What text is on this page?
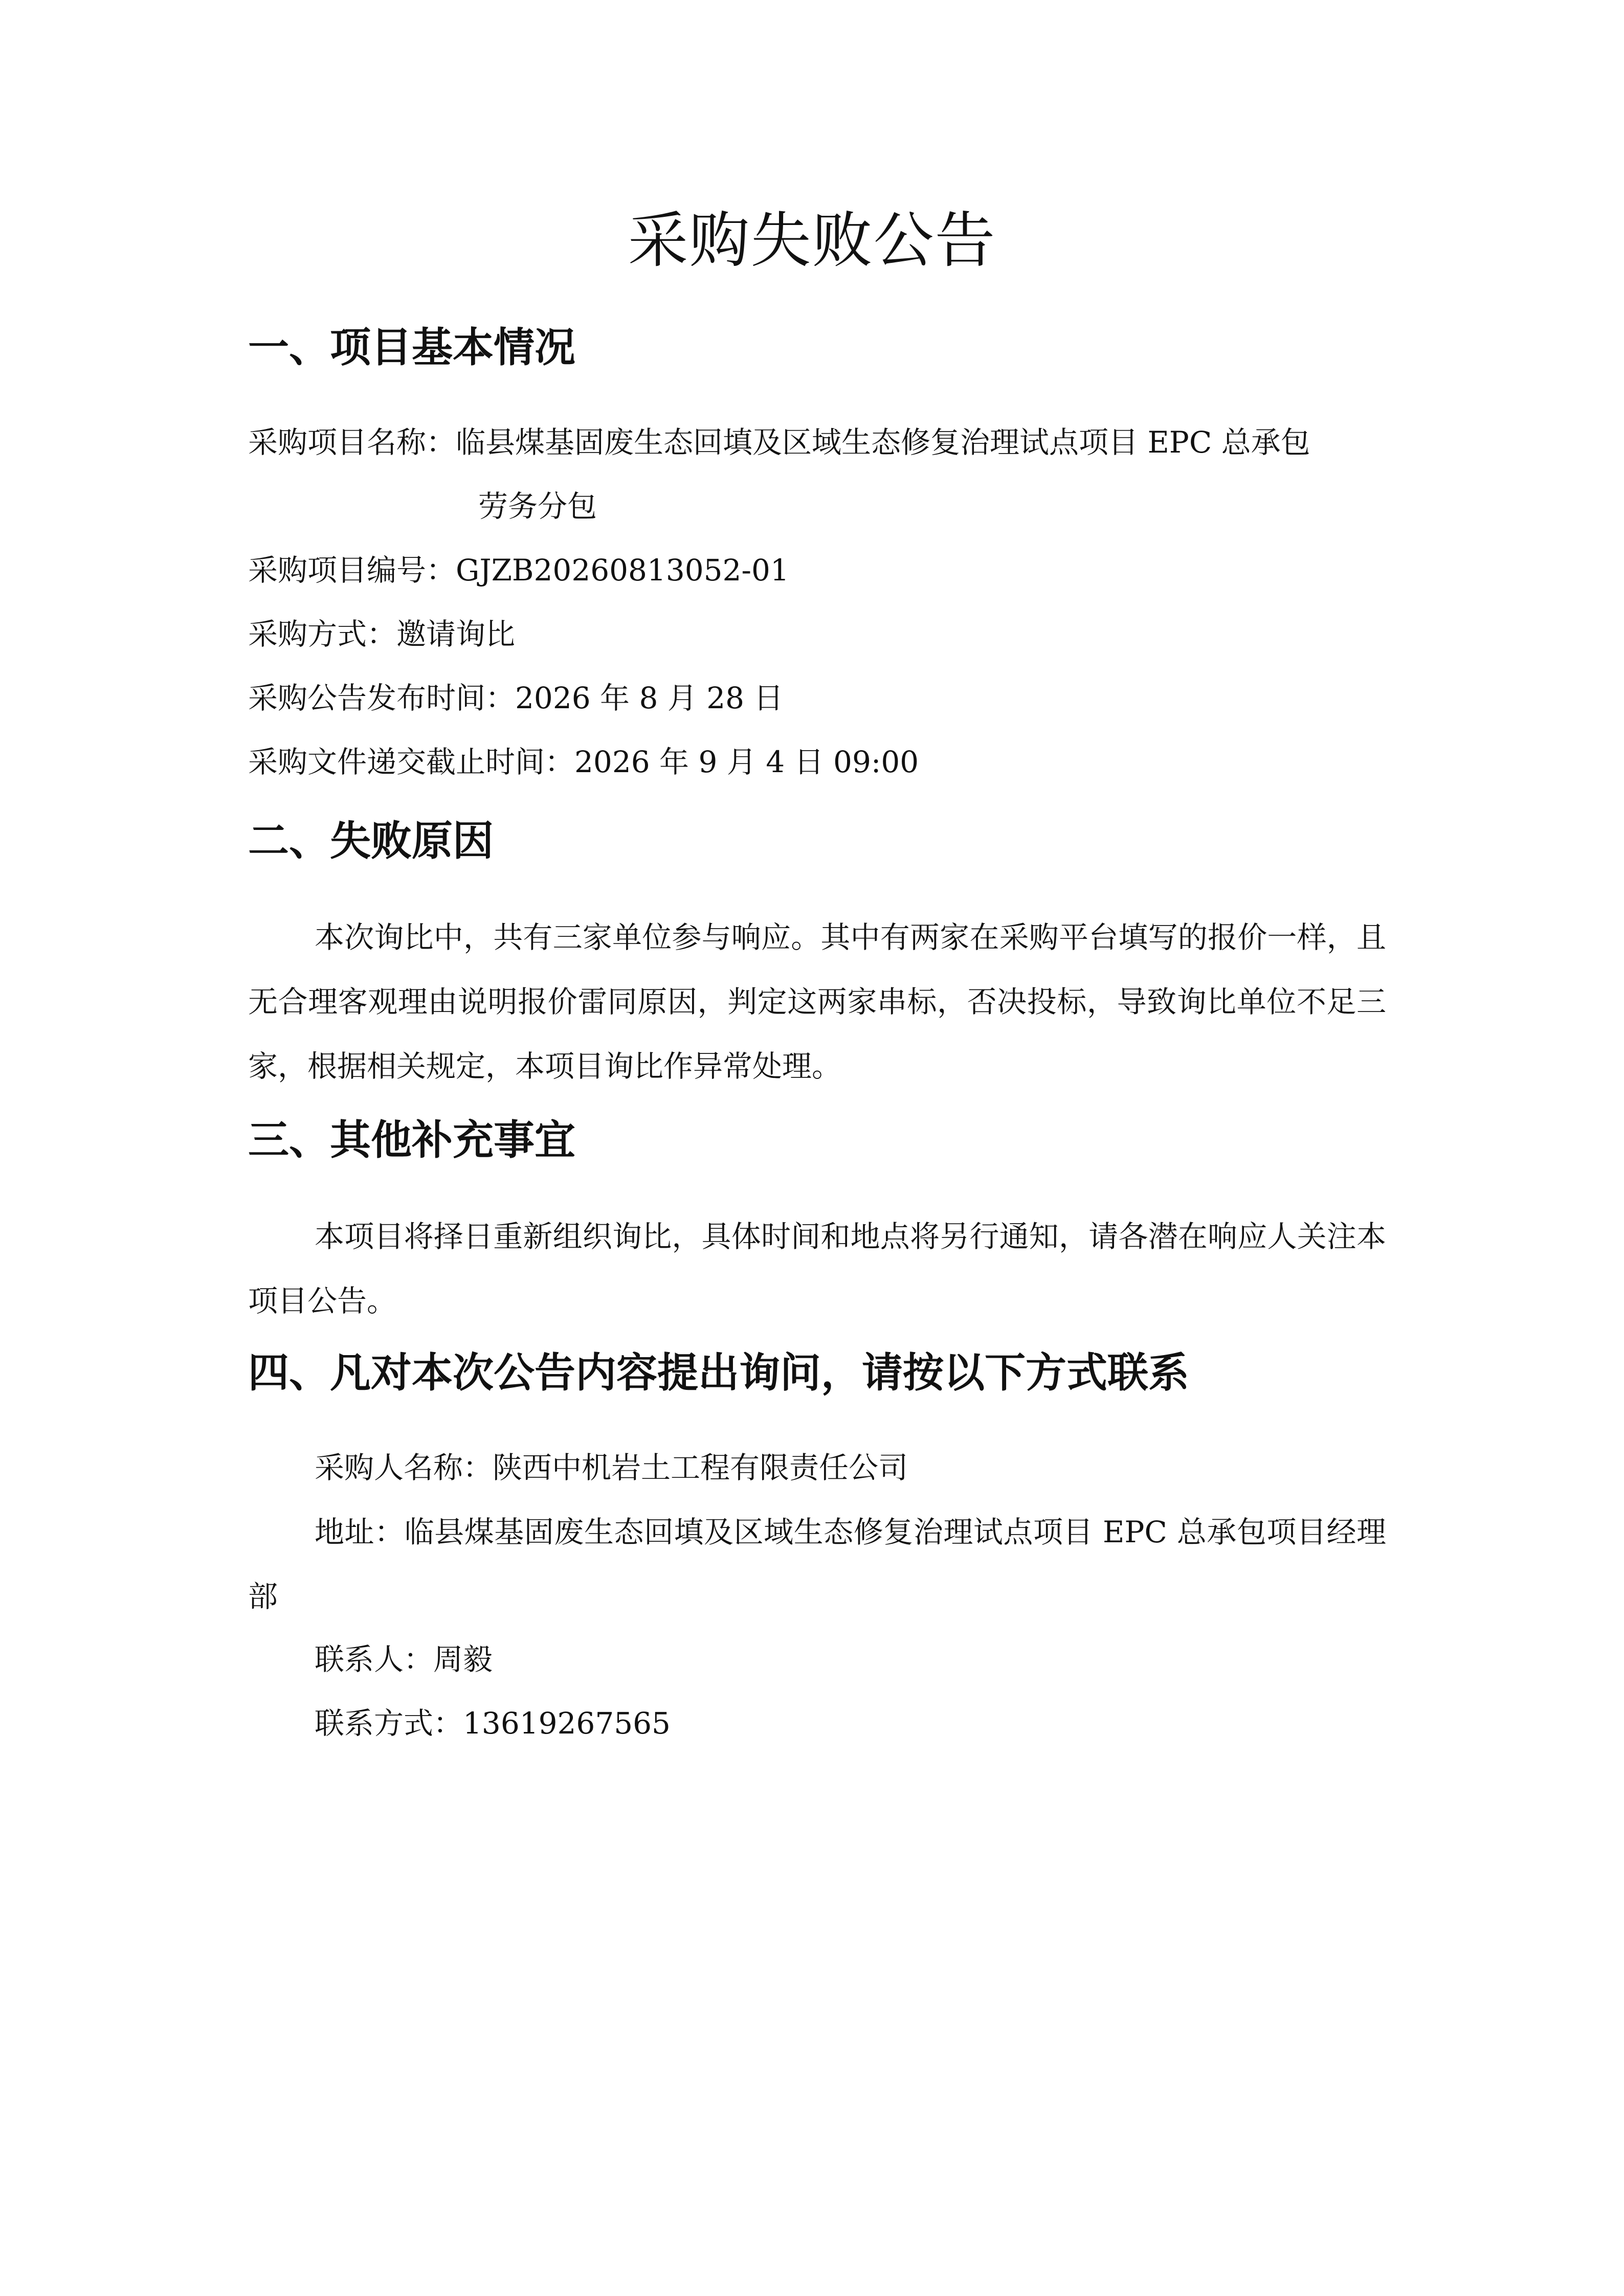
采购失败公告
一、项目基本情况
采购项目名称：临县煤基固废生态回填及区域生态修复治理试点项目 EPC 总承包
劳务分包
采购项目编号：GJZB20260813052-01
采购方式：邀请询比
采购公告发布时间：2026 年 8 月 28 日
采购文件递交截止时间：2026 年 9 月 4 日 09:00
二、失败原因

本次询比中，共有三家单位参与响应。其中有两家在采购平台填写的报价一样，且无合理客观理由说明报价雷同原因，判定这两家串标，否决投标，导致询比单位不足三家，根据相关规定，本项目询比作异常处理。

三、其他补充事宜

本项目将择日重新组织询比，具体时间和地点将另行通知，请各潜在响应人关注本项目公告。

四、凡对本次公告内容提出询问，请按以下方式联系
采购人名称：陕西中机岩土工程有限责任公司

地址：临县煤基固废生态回填及区域生态修复治理试点项目 EPC 总承包项目经理部

联系人：周毅
联系方式：13619267565
